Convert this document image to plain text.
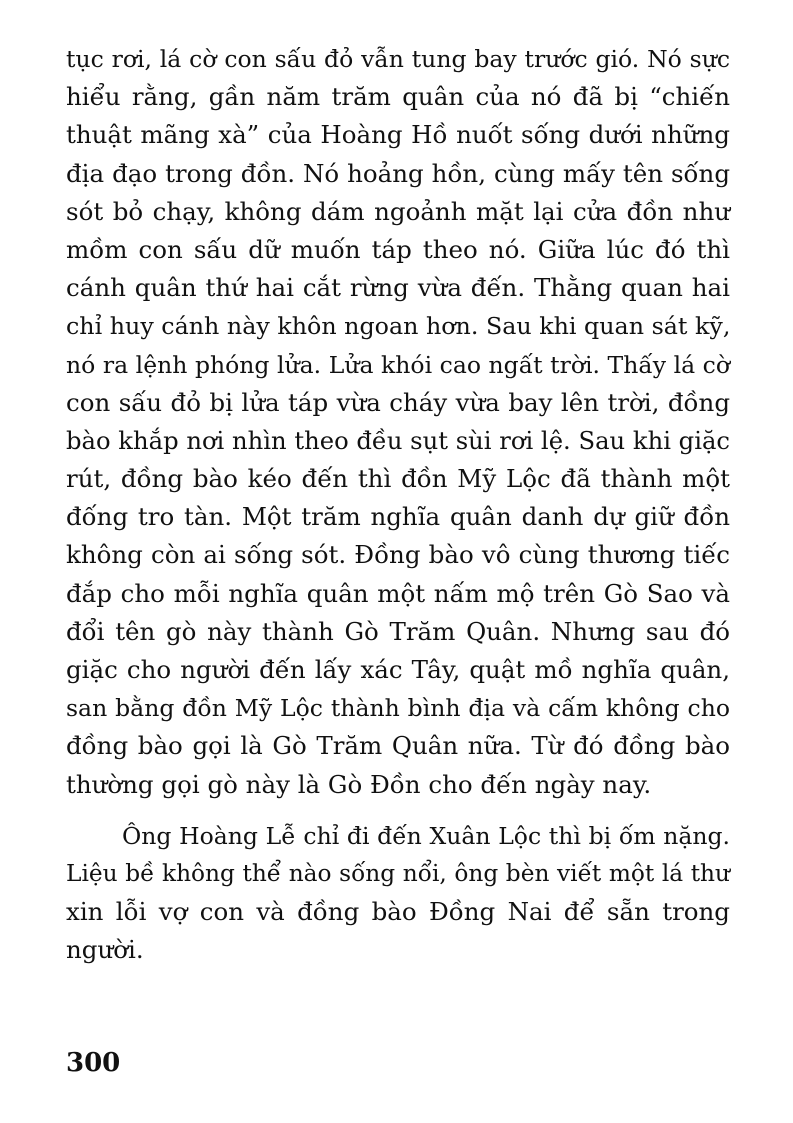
tục rơi, lá cờ con sấu đỏ vẫn tung bay trước gió. Nó sực
hiểu rằng, gần năm trăm quân của nó đã bị “chiến
thuật mãng xà” của Hoàng Hồ nuốt sống dưới những
địa đạo trong đồn. Nó hoảng hồn, cùng mấy tên sống
sót bỏ chạy, không dám ngoảnh mặt lại cửa đồn như
mồm con sấu dữ muốn táp theo nó. Giữa lúc đó thì
cánh quân thứ hai cắt rừng vừa đến. Thằng quan hai
chỉ huy cánh này khôn ngoan hơn. Sau khi quan sát kỹ,
nó ra lệnh phóng lửa. Lửa khói cao ngất trời. Thấy lá cờ
con sấu đỏ bị lửa táp vừa cháy vừa bay lên trời, đồng
bào khắp nơi nhìn theo đều sụt sùi rơi lệ. Sau khi giặc
rút, đồng bào kéo đến thì đồn Mỹ Lộc đã thành một
đống tro tàn. Một trăm nghĩa quân danh dự giữ đồn
không còn ai sống sót. Đồng bào vô cùng thương tiếc
đắp cho mỗi nghĩa quân một nấm mộ trên Gò Sao và
đổi tên gò này thành Gò Trăm Quân. Nhưng sau đó
giặc cho người đến lấy xác Tây, quật mồ nghĩa quân,
san bằng đồn Mỹ Lộc thành bình địa và cấm không cho
đồng bào gọi là Gò Trăm Quân nữa. Từ đó đồng bào
thường gọi gò này là Gò Đồn cho đến ngày nay.

Ông Hoàng Lễ chỉ đi đến Xuân Lộc thì bị ốm nặng.
Liệu bề không thể nào sống nổi, ông bèn viết một lá thư
xin lỗi vợ con và đồng bào Đồng Nai để sẵn trong
người.

300
